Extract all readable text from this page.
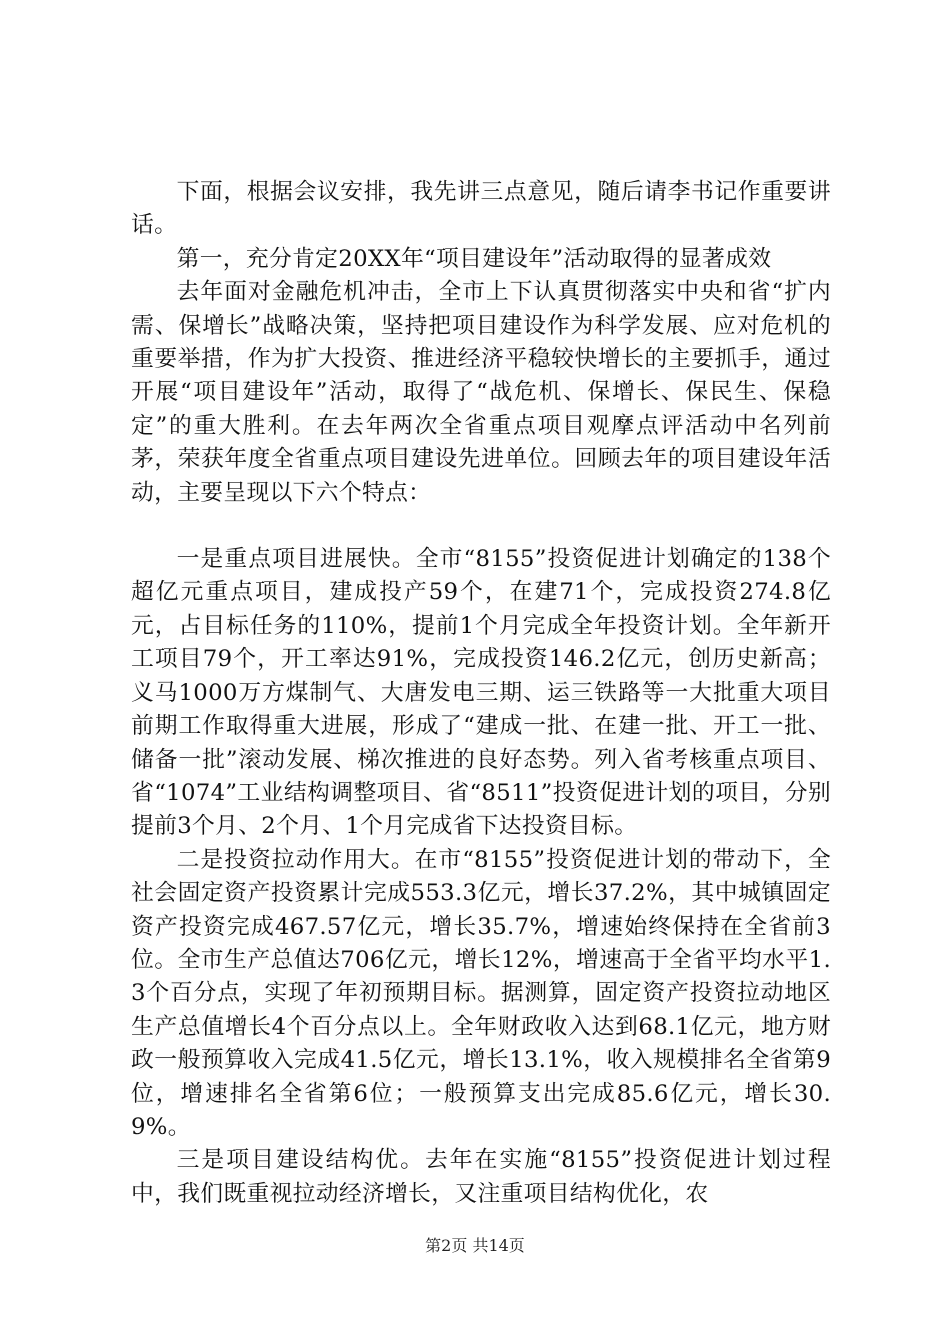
下面，根据会议安排，我先讲三点意见，随后请李书记作重要讲话。

第一，充分肯定20XX年“项目建设年”活动取得的显著成效

去年面对金融危机冲击，全市上下认真贯彻落实中央和省“扩内需、保增长”战略决策，坚持把项目建设作为科学发展、应对危机的重要举措，作为扩大投资、推进经济平稳较快增长的主要抓手，通过开展“项目建设年”活动，取得了“战危机、保增长、保民生、保稳定”的重大胜利。在去年两次全省重点项目观摩点评活动中名列前茅，荣获年度全省重点项目建设先进单位。回顾去年的项目建设年活动，主要呈现以下六个特点：

一是重点项目进展快。全市“8155”投资促进计划确定的138个超亿元重点项目，建成投产59个，在建71个，完成投资274.8亿元，占目标任务的110%，提前1个月完成全年投资计划。全年新开工项目79个，开工率达91%，完成投资146.2亿元，创历史新高；义马1000万方煤制气、大唐发电三期、运三铁路等一大批重大项目前期工作取得重大进展，形成了“建成一批、在建一批、开工一批、储备一批”滚动发展、梯次推进的良好态势。列入省考核重点项目、省“1074”工业结构调整项目、省“8511”投资促进计划的项目，分别提前3个月、2个月、1个月完成省下达投资目标。

二是投资拉动作用大。在市“8155”投资促进计划的带动下，全社会固定资产投资累计完成553.3亿元，增长37.2%，其中城镇固定资产投资完成467.57亿元，增长35.7%，增速始终保持在全省前3位。全市生产总值达706亿元，增长12%，增速高于全省平均水平1.3个百分点，实现了年初预期目标。据测算，固定资产投资拉动地区生产总值增长4个百分点以上。全年财政收入达到68.1亿元，地方财政一般预算收入完成41.5亿元，增长13.1%，收入规模排名全省第9位，增速排名全省第6位；一般预算支出完成85.6亿元，增长30.9%。

三是项目建设结构优。去年在实施“8155”投资促进计划过程中，我们既重视拉动经济增长，又注重项目结构优化，农

第2页 共14页
